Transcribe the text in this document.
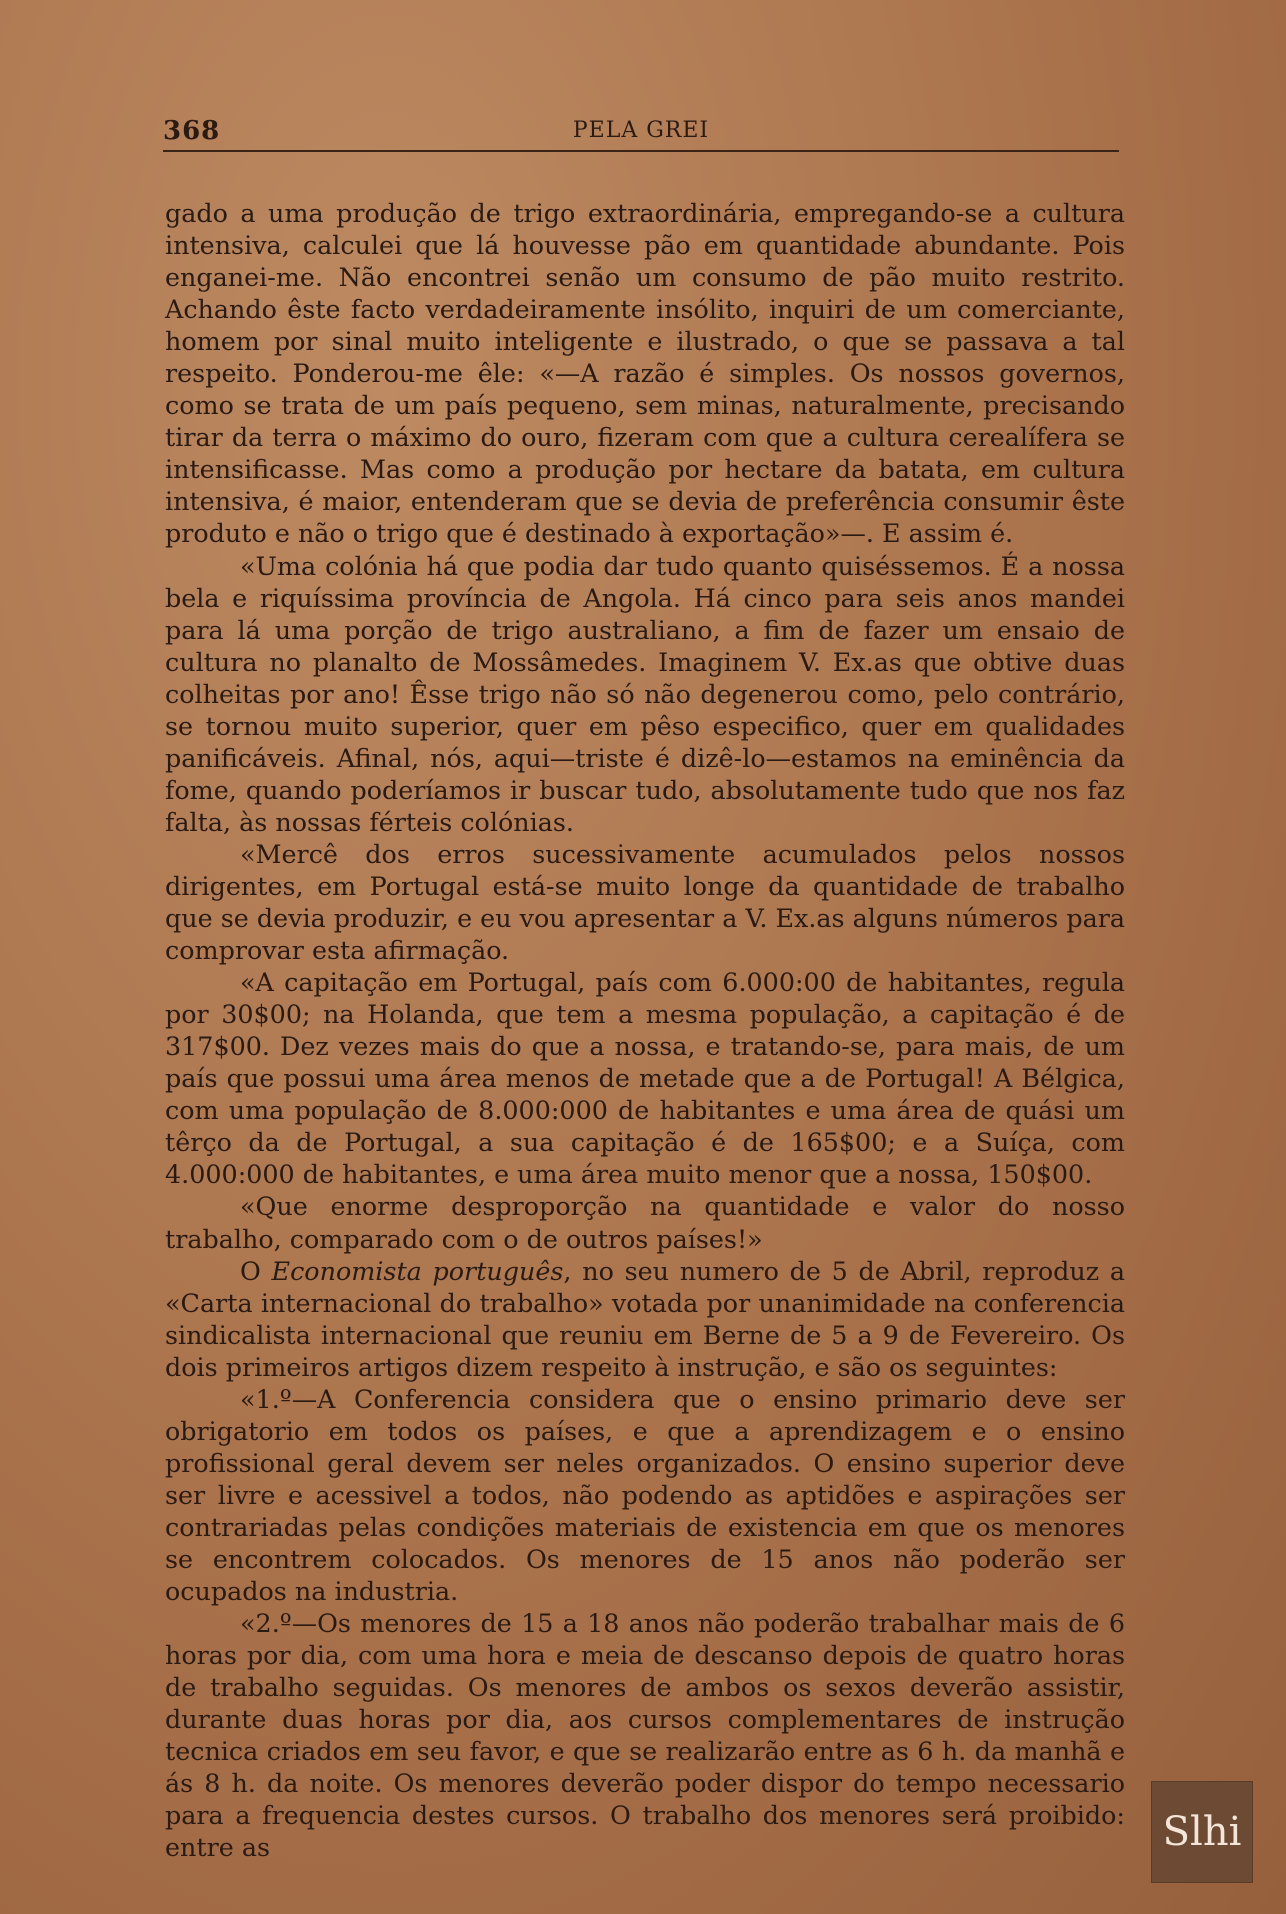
368	PELA GREI

gado a uma produção de trigo extraordinária, empregando-se a cultura intensiva, calculei que lá houvesse pão em quantidade abundante. Pois enganei-me. Não encontrei senão um consumo de pão muito restrito. Achando êste facto verdadeiramente insólito, inquiri de um comerciante, homem por sinal muito inteligente e ilustrado, o que se passava a tal respeito. Ponderou-me êle: «—A razão é simples. Os nossos governos, como se trata de um país pequeno, sem minas, naturalmente, precisando tirar da terra o máximo do ouro, fizeram com que a cultura cerealífera se intensificasse. Mas como a produção por hectare da batata, em cultura intensiva, é maior, entenderam que se devia de preferência consumir êste produto e não o trigo que é destinado à exportação»—. E assim é.

«Uma colónia há que podia dar tudo quanto quiséssemos. É a nossa bela e riquíssima província de Angola. Há cinco para seis anos mandei para lá uma porção de trigo australiano, a fim de fazer um ensaio de cultura no planalto de Mossâmedes. Imaginem V. Ex.as que obtive duas colheitas por ano! Êsse trigo não só não degenerou como, pelo contrário, se tornou muito superior, quer em pêso especifico, quer em qualidades panificáveis. Afinal, nós, aqui—triste é dizê-lo—estamos na eminência da fome, quando poderíamos ir buscar tudo, absolutamente tudo que nos faz falta, às nossas férteis colónias.

«Mercê dos erros sucessivamente acumulados pelos nossos dirigentes, em Portugal está-se muito longe da quantidade de trabalho que se devia produzir, e eu vou apresentar a V. Ex.as alguns números para comprovar esta afirmação.

«A capitação em Portugal, país com 6.000:00 de habitantes, regula por 30$00; na Holanda, que tem a mesma população, a capitação é de 317$00. Dez vezes mais do que a nossa, e tratando-se, para mais, de um país que possui uma área menos de metade que a de Portugal! A Bélgica, com uma população de 8.000:000 de habitantes e uma área de quási um têrço da de Portugal, a sua capitação é de 165$00; e a Suíça, com 4.000:000 de habitantes, e uma área muito menor que a nossa, 150$00.

«Que enorme desproporção na quantidade e valor do nosso trabalho, comparado com o de outros países!»

O Economista português, no seu numero de 5 de Abril, reproduz a «Carta internacional do trabalho» votada por unanimidade na conferencia sindicalista internacional que reuniu em Berne de 5 a 9 de Fevereiro. Os dois primeiros artigos dizem respeito à instrução, e são os seguintes:

«1.º—A Conferencia considera que o ensino primario deve ser obrigatorio em todos os países, e que a aprendizagem e o ensino profissional geral devem ser neles organizados. O ensino superior deve ser livre e acessivel a todos, não podendo as aptidões e aspirações ser contrariadas pelas condições materiais de existencia em que os menores se encontrem colocados. Os menores de 15 anos não poderão ser ocupados na industria.

«2.º—Os menores de 15 a 18 anos não poderão trabalhar mais de 6 horas por dia, com uma hora e meia de descanso depois de quatro horas de trabalho seguidas. Os menores de ambos os sexos deverão assistir, durante duas horas por dia, aos cursos complementares de instrução tecnica criados em seu favor, e que se realizarão entre as 6 h. da manhã e ás 8 h. da noite. Os menores deverão poder dispor do tempo necessario para a frequencia destes cursos. O trabalho dos menores será proibido: entre as	Slhi
